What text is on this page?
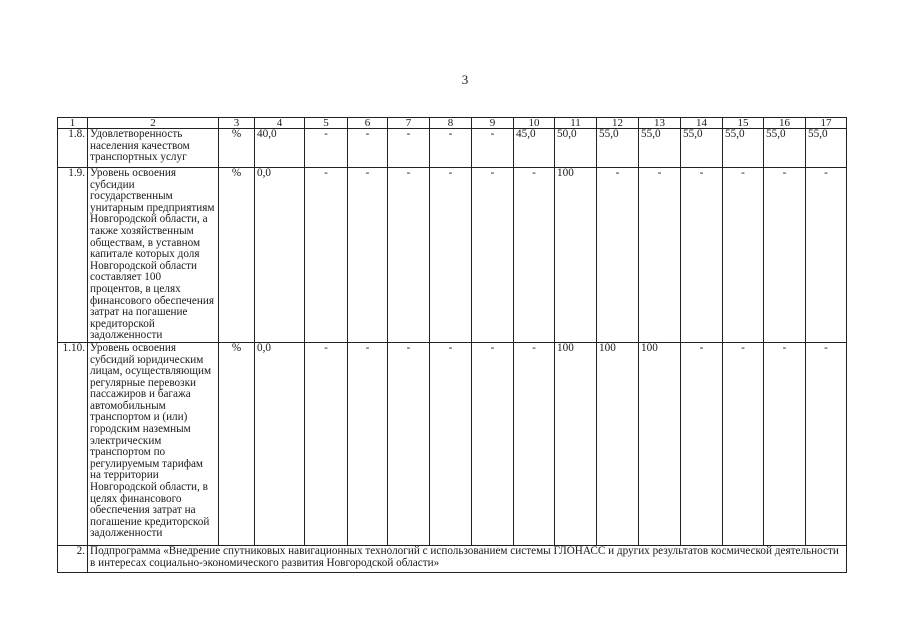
3
1	2	3	4	5	6	7	8	9	10	11	12	13	14	15	16	17
1.8.	Удовлетворенность населения качеством транспортных услуг	%	40,0	-	-	-	-	-	45,0	50,0	55,0	55,0	55,0	55,0	55,0	55,0
1.9.	Уровень освоения субсидии государственным унитарным предприятиям Новгородской области, а также хозяйственным обществам, в уставном капитале которых доля Новгородской области составляет 100 процентов, в целях финансового обеспечения затрат на погашение кредиторской задолженности	%	0,0	-	-	-	-	-	-	100	-	-	-	-	-	-
1.10.	Уровень освоения субсидий юридическим лицам, осуществляющим регулярные перевозки пассажиров и багажа автомобильным транспортом и (или) городским наземным электрическим транспортом по регулируемым тарифам на территории Новгородской области, в целях финансового обеспечения затрат на погашение кредиторской задолженности	%	0,0	-	-	-	-	-	-	100	100	100	-	-	-	-
2.	Подпрограмма «Внедрение спутниковых навигационных технологий с использованием системы ГЛОНАСС и других результатов космической деятельности в интересах социально-экономического развития Новгородской области»															
